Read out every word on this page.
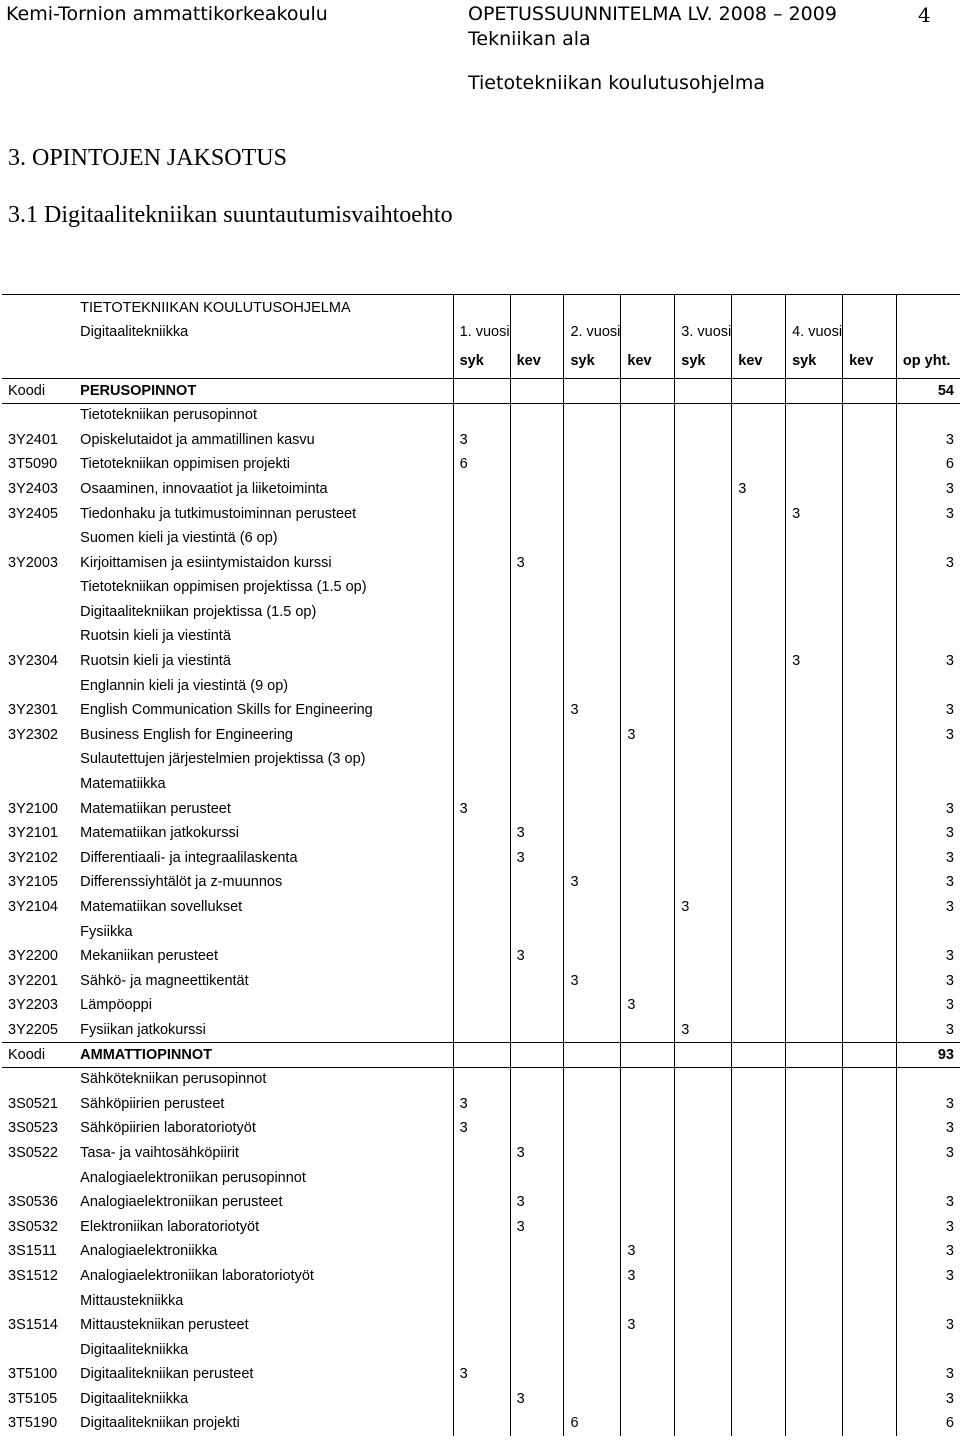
Kemi-Tornion ammattikorkeakoulu	OPETUSSUUNNITELMA LV. 2008 – 2009	4
Tekniikan ala
Tietotekniikan koulutusohjelma
3. OPINTOJEN JAKSOTUS
3.1 Digitaalitekniikan suuntautumisvaihtoehto
	TIETOTEKNIIKAN KOULUTUSOHJELMA									
	Digitaalitekniikka	1. vuosi		2. vuosi		3. vuosi		4. vuosi		
		syk	kev	syk	kev	syk	kev	syk	kev	op yht.
Koodi	PERUSOPINNOT									54
	Tietotekniikan perusopinnot									
3Y2401	Opiskelutaidot ja ammatillinen kasvu	3								3
3T5090	Tietotekniikan oppimisen projekti	6								6
3Y2403	Osaaminen, innovaatiot ja liiketoiminta						3			3
3Y2405	Tiedonhaku ja tutkimustoiminnan perusteet							3		3
	Suomen kieli ja viestintä (6 op)									
3Y2003	Kirjoittamisen ja esiintymistaidon kurssi		3							3
	Tietotekniikan oppimisen projektissa (1.5 op)									
	Digitaalitekniikan projektissa (1.5 op)									
	Ruotsin kieli ja viestintä									
3Y2304	Ruotsin kieli ja viestintä							3		3
	Englannin kieli ja viestintä (9 op)									
3Y2301	English Communication Skills for Engineering			3						3
3Y2302	Business English for Engineering				3					3
	Sulautettujen järjestelmien projektissa (3 op)									
	Matematiikka									
3Y2100	Matematiikan perusteet	3								3
3Y2101	Matematiikan jatkokurssi		3							3
3Y2102	Differentiaali- ja integraalilaskenta		3							3
3Y2105	Differenssiyhtälöt ja z-muunnos			3						3
3Y2104	Matematiikan sovellukset					3				3
	Fysiikka									
3Y2200	Mekaniikan perusteet		3							3
3Y2201	Sähkö- ja magneettikentät			3						3
3Y2203	Lämpöoppi				3					3
3Y2205	Fysiikan jatkokurssi					3				3
Koodi	AMMATTIOPINNOT									93
	Sähkötekniikan perusopinnot									
3S0521	Sähköpiirien perusteet	3								3
3S0523	Sähköpiirien laboratoriotyöt	3								3
3S0522	Tasa- ja vaihtosähköpiirit		3							3
	Analogiaelektroniikan perusopinnot									
3S0536	Analogiaelektroniikan perusteet		3							3
3S0532	Elektroniikan laboratoriotyöt		3							3
3S1511	Analogiaelektroniikka				3					3
3S1512	Analogiaelektroniikan laboratoriotyöt				3					3
	Mittaustekniikka									
3S1514	Mittaustekniikan perusteet				3					3
	Digitaalitekniikka									
3T5100	Digitaalitekniikan perusteet	3								3
3T5105	Digitaalitekniikka		3							3
3T5190	Digitaalitekniikan projekti			6						6
